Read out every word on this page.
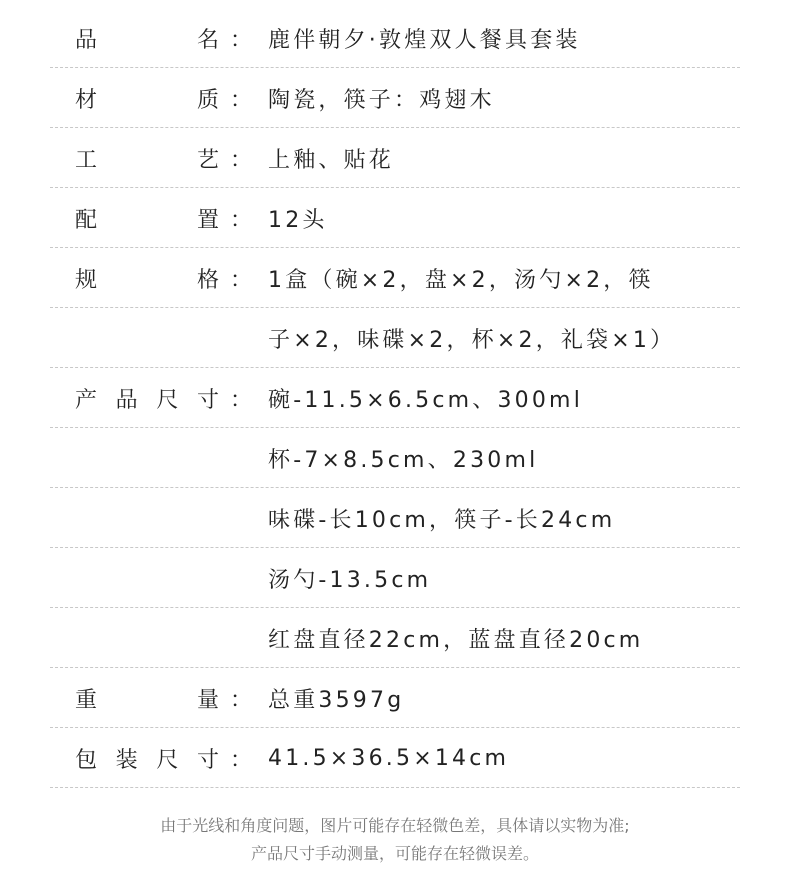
品	名 ： 鹿伴朝夕·敦煌双人餐具套装
材	质 ： 陶瓷，筷子：鸡翅木
工	艺 ： 上釉、贴花
配	置 ： 12头
规	格 ： 1盒（碗×2，盘×2，汤勺×2，筷
子×2，味碟×2，杯×2，礼袋×1）
产 品 尺 寸 ： 碗-11.5×6.5cm、300ml
杯-7×8.5cm、230ml
味碟-长10cm，筷子-长24cm
汤勺-13.5cm
红盘直径22cm，蓝盘直径20cm
重	量 ： 总重3597g
包 装 尺 寸 ： 41.5×36.5×14cm
由于光线和角度问题，图片可能存在轻微色差，具体请以实物为准;
产品尺寸手动测量，可能存在轻微误差。
